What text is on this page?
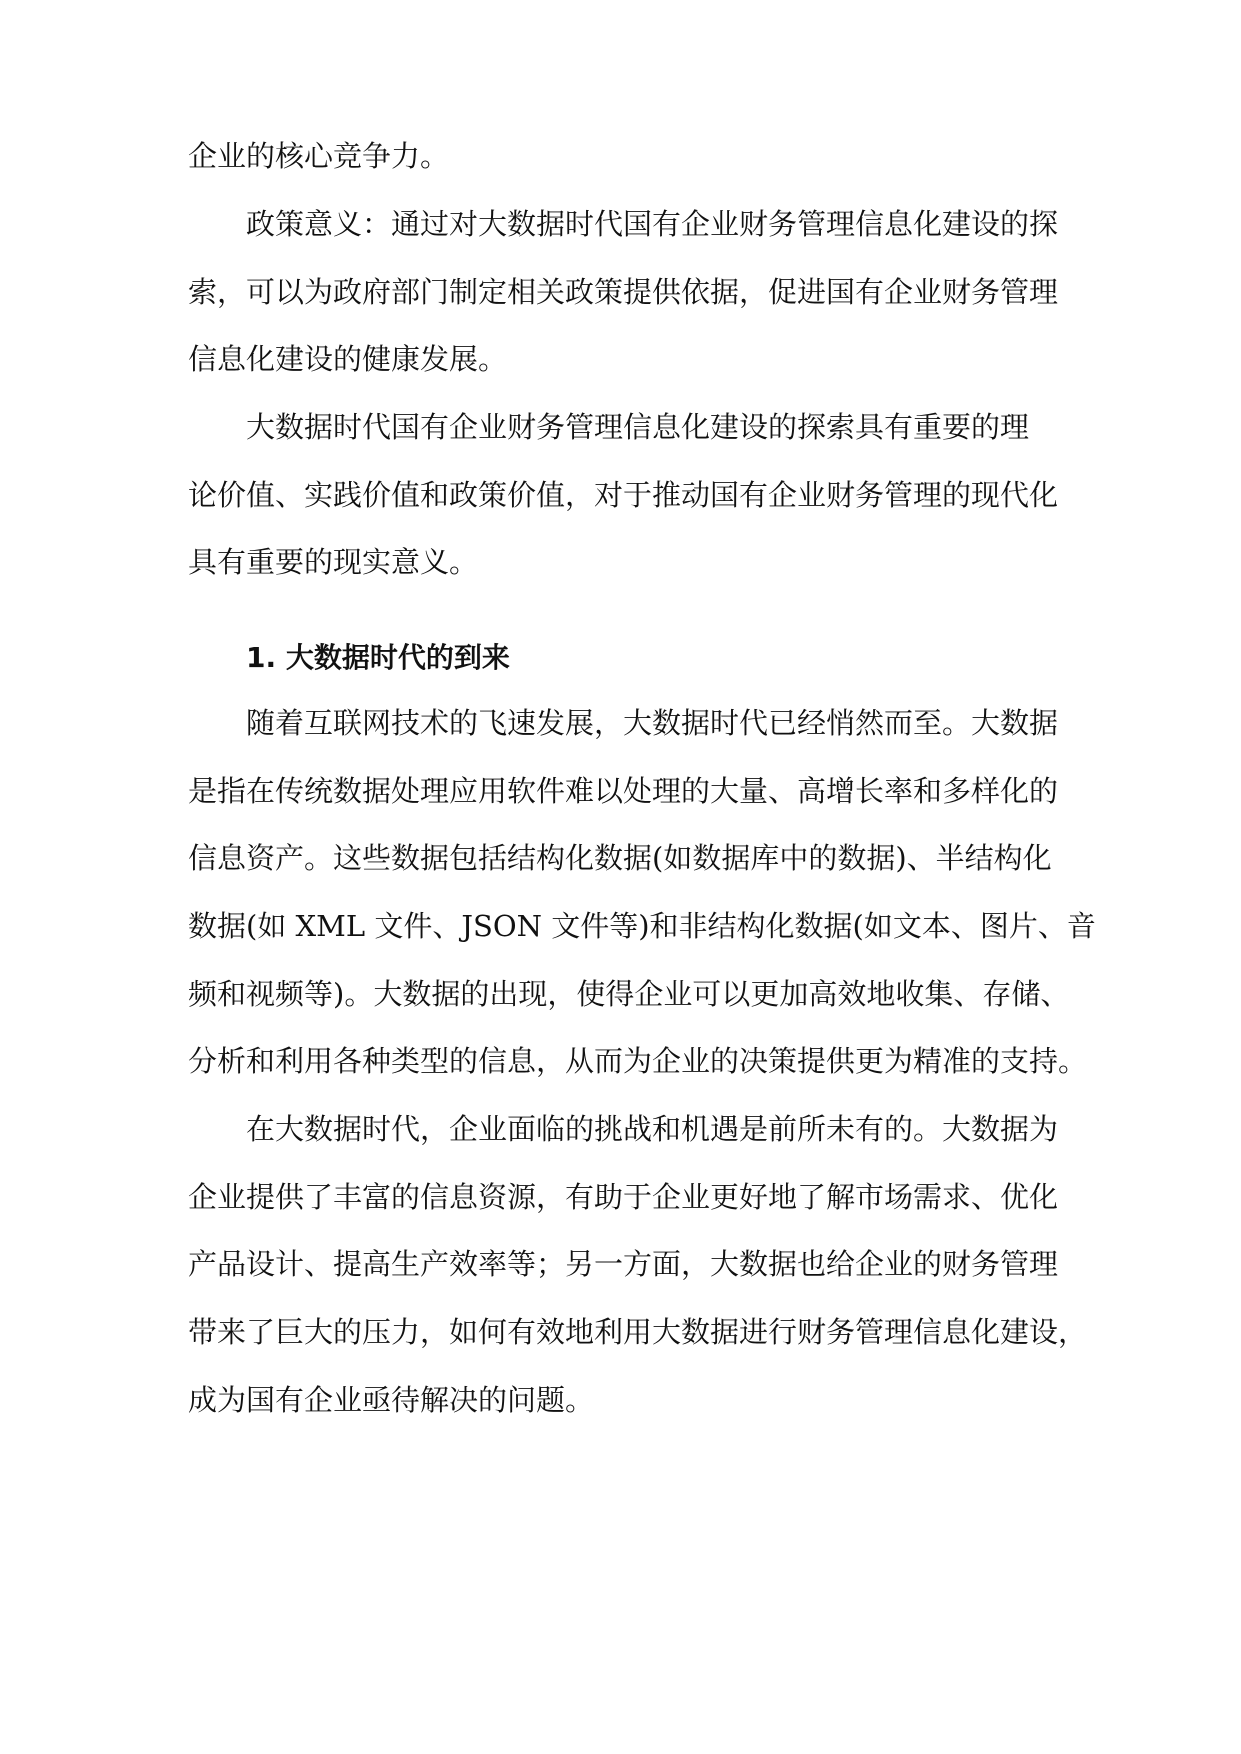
企业的核心竞争力。
政策意义：通过对大数据时代国有企业财务管理信息化建设的探
索，可以为政府部门制定相关政策提供依据，促进国有企业财务管理
信息化建设的健康发展。
大数据时代国有企业财务管理信息化建设的探索具有重要的理
论价值、实践价值和政策价值，对于推动国有企业财务管理的现代化
具有重要的现实意义。
1. 大数据时代的到来
随着互联网技术的飞速发展，大数据时代已经悄然而至。大数据
是指在传统数据处理应用软件难以处理的大量、高增长率和多样化的
信息资产。这些数据包括结构化数据(如数据库中的数据)、半结构化
数据(如 XML 文件、JSON 文件等)和非结构化数据(如文本、图片、音
频和视频等)。大数据的出现，使得企业可以更加高效地收集、存储、
分析和利用各种类型的信息，从而为企业的决策提供更为精准的支持。
在大数据时代，企业面临的挑战和机遇是前所未有的。大数据为
企业提供了丰富的信息资源，有助于企业更好地了解市场需求、优化
产品设计、提高生产效率等；另一方面，大数据也给企业的财务管理
带来了巨大的压力，如何有效地利用大数据进行财务管理信息化建设，
成为国有企业亟待解决的问题。
